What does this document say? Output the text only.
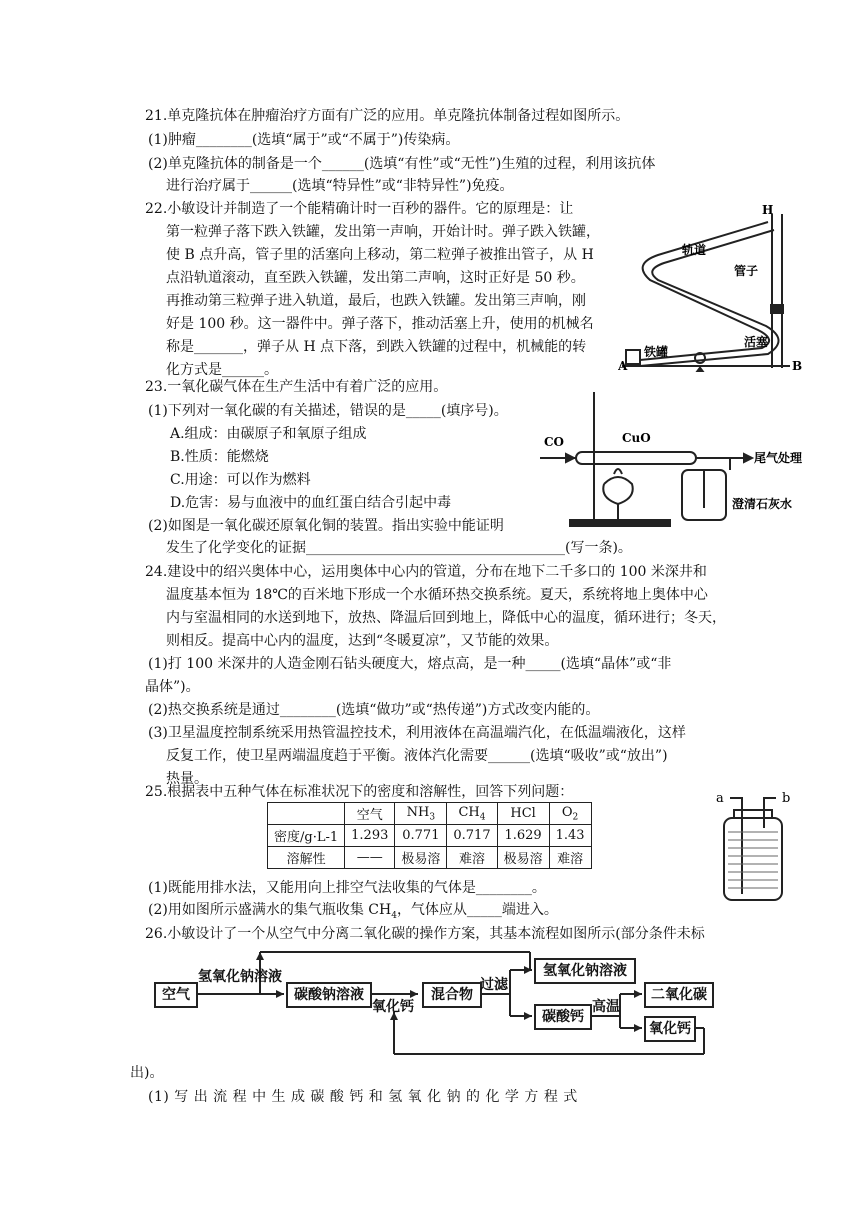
21.单克隆抗体在肿瘤治疗方面有广泛的应用。单克隆抗体制备过程如图所示。
(1)肿瘤________(选填“属于”或“不属于”)传染病。
(2)单克隆抗体的制备是一个______(选填“有性”或“无性”)生殖的过程，利用该抗体
进行治疗属于______(选填“特异性”或“非特异性”)免疫。
22.小敏设计并制造了一个能精确计时一百秒的器件。它的原理是：让
第一粒弹子落下跌入铁罐，发出第一声响，开始计时。弹子跌入铁罐，
使 B 点升高，管子里的活塞向上移动，第二粒弹子被推出管子，从 H
点沿轨道滚动，直至跌入铁罐，发出第二声响，这时正好是 50 秒。
再推动第三粒弹子进入轨道，最后，也跌入铁罐。发出第三声响，刚
好是 100 秒。这一器件中。弹子落下，推动活塞上升，使用的机械名
称是_______，弹子从 H 点下落，到跌入铁罐的过程中，机械能的转
化方式是______。
H
轨道
管子
活塞
铁罐
A	B
23.一氧化碳气体在生产生活中有着广泛的应用。
(1)下列对一氧化碳的有关描述，错误的是_____(填序号)。
A.组成：由碳原子和氧原子组成
B.性质：能燃烧
C.用途：可以作为燃料
D.危害：易与血液中的血红蛋白结合引起中毒
(2)如图是一氧化碳还原氧化铜的装置。指出实验中能证明
发生了化学变化的证据_____________________________________(写一条)。
CO	CuO
尾气处理
澄清石灰水
24.建设中的绍兴奥体中心，运用奥体中心内的管道，分布在地下二千多口的 100 米深井和
温度基本恒为 18℃的百米地下形成一个水循环热交换系统。夏天，系统将地上奥体中心
内与室温相同的水送到地下，放热、降温后回到地上，降低中心的温度，循环进行；冬天，
则相反。提高中心内的温度，达到“冬暖夏凉”，又节能的效果。
(1)打 100 米深井的人造金刚石钻头硬度大，熔点高，是一种_____(选填“晶体”或“非
晶体”)。
(2)热交换系统是通过________(选填“做功”或“热传递”)方式改变内能的。
(3)卫星温度控制系统采用热管温控技术，利用液体在高温端汽化，在低温端液化，这样
反复工作，使卫星两端温度趋于平衡。液体汽化需要______(选填“吸收”或“放出”)
热量。
25.根据表中五种气体在标准状况下的密度和溶解性，回答下列问题：
	空气	$NH_3$	$CH_4$	HCl	$O_2$
密度/g·L-1	1.293	0.771	0.717	1.629	1.43
溶解性	——	极易溶	难溶	极易溶	难溶
(1)既能用排水法，又能用向上排空气法收集的气体是________。
(2)用如图所示盛满水的集气瓶收集 $CH_4$，气体应从_____端进入。
a	b
26.小敏设计了一个从空气中分离二氧化碳的操作方案，其基本流程如图所示(部分条件未标
空气
氢氧化钠溶液
碳酸钠溶液
氧化钙
混合物
过滤
氢氧化钠溶液
碳酸钙
高温
二氧化碳
氧化钙
出)。
(1) 写 出 流 程 中 生 成 碳 酸 钙 和 氢 氧 化 钠 的 化 学 方 程 式
